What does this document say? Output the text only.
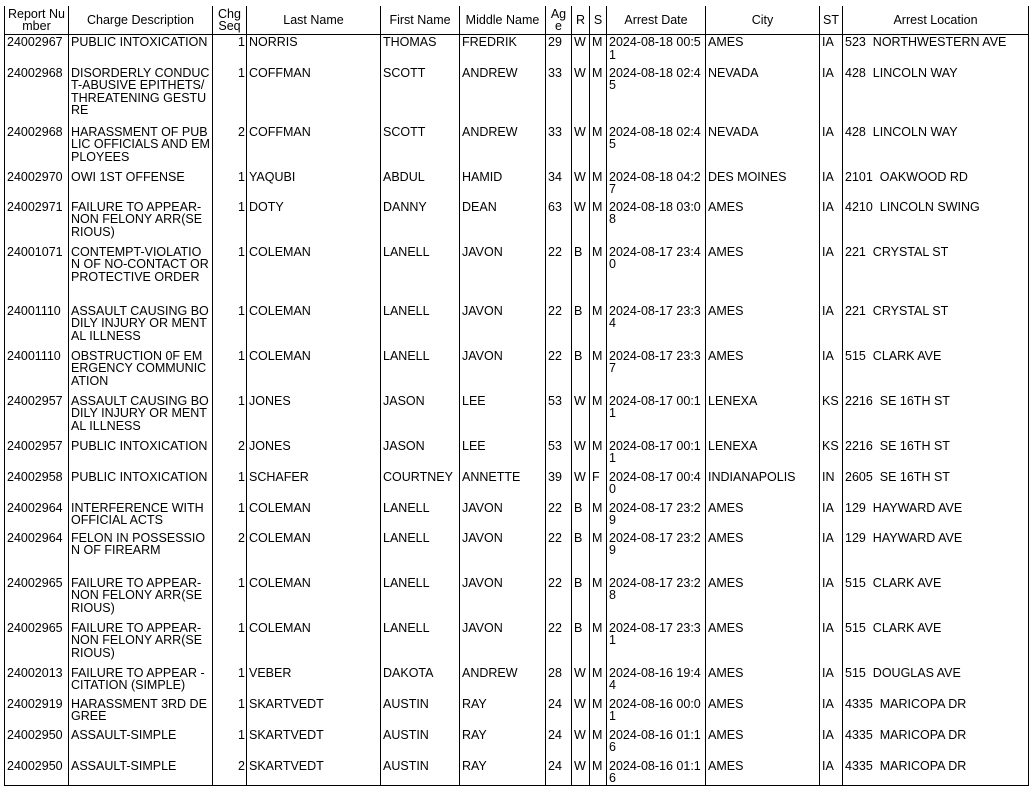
Report Number	Charge Description	Chg Seq	Last Name	First Name	Middle Name	Age	R	S	Arrest Date	City	ST	Arrest Location
24002967	PUBLIC INTOXICATION	1	NORRIS	THOMAS	FREDRIK	29	W	M	2024-08-18 00:51	AMES	IA	523  NORTHWESTERN AVE
24002968	DISORDERLY CONDUCT-ABUSIVE EPITHETS/THREATENING GESTURE	1	COFFMAN	SCOTT	ANDREW	33	W	M	2024-08-18 02:45	NEVADA	IA	428  LINCOLN WAY
24002968	HARASSMENT OF PUBLIC OFFICIALS AND EMPLOYEES	2	COFFMAN	SCOTT	ANDREW	33	W	M	2024-08-18 02:45	NEVADA	IA	428  LINCOLN WAY
24002970	OWI 1ST OFFENSE	1	YAQUBI	ABDUL	HAMID	34	W	M	2024-08-18 04:27	DES MOINES	IA	2101  OAKWOOD RD
24002971	FAILURE TO APPEAR-NON FELONY ARR(SERIOUS)	1	DOTY	DANNY	DEAN	63	W	M	2024-08-18 03:08	AMES	IA	4210  LINCOLN SWING
24001071	CONTEMPT-VIOLATION OF NO-CONTACT OR PROTECTIVE ORDER	1	COLEMAN	LANELL	JAVON	22	B	M	2024-08-17 23:40	AMES	IA	221  CRYSTAL ST
24001110	ASSAULT CAUSING BODILY INJURY OR MENTAL ILLNESS	1	COLEMAN	LANELL	JAVON	22	B	M	2024-08-17 23:34	AMES	IA	221  CRYSTAL ST
24001110	OBSTRUCTION 0F EMERGENCY COMMUNICATION	1	COLEMAN	LANELL	JAVON	22	B	M	2024-08-17 23:37	AMES	IA	515  CLARK AVE
24002957	ASSAULT CAUSING BODILY INJURY OR MENTAL ILLNESS	1	JONES	JASON	LEE	53	W	M	2024-08-17 00:11	LENEXA	KS	2216  SE 16TH ST
24002957	PUBLIC INTOXICATION	2	JONES	JASON	LEE	53	W	M	2024-08-17 00:11	LENEXA	KS	2216  SE 16TH ST
24002958	PUBLIC INTOXICATION	1	SCHAFER	COURTNEY	ANNETTE	39	W	F	2024-08-17 00:40	INDIANAPOLIS	IN	2605  SE 16TH ST
24002964	INTERFERENCE WITH OFFICIAL ACTS	1	COLEMAN	LANELL	JAVON	22	B	M	2024-08-17 23:29	AMES	IA	129  HAYWARD AVE
24002964	FELON IN POSSESSION OF FIREARM	2	COLEMAN	LANELL	JAVON	22	B	M	2024-08-17 23:29	AMES	IA	129  HAYWARD AVE
24002965	FAILURE TO APPEAR-NON FELONY ARR(SERIOUS)	1	COLEMAN	LANELL	JAVON	22	B	M	2024-08-17 23:28	AMES	IA	515  CLARK AVE
24002965	FAILURE TO APPEAR-NON FELONY ARR(SERIOUS)	1	COLEMAN	LANELL	JAVON	22	B	M	2024-08-17 23:31	AMES	IA	515  CLARK AVE
24002013	FAILURE TO APPEAR - CITATION (SIMPLE)	1	VEBER	DAKOTA	ANDREW	28	W	M	2024-08-16 19:44	AMES	IA	515  DOUGLAS AVE
24002919	HARASSMENT 3RD DEGREE	1	SKARTVEDT	AUSTIN	RAY	24	W	M	2024-08-16 00:01	AMES	IA	4335  MARICOPA DR
24002950	ASSAULT-SIMPLE	1	SKARTVEDT	AUSTIN	RAY	24	W	M	2024-08-16 01:16	AMES	IA	4335  MARICOPA DR
24002950	ASSAULT-SIMPLE	2	SKARTVEDT	AUSTIN	RAY	24	W	M	2024-08-16 01:16	AMES	IA	4335  MARICOPA DR
